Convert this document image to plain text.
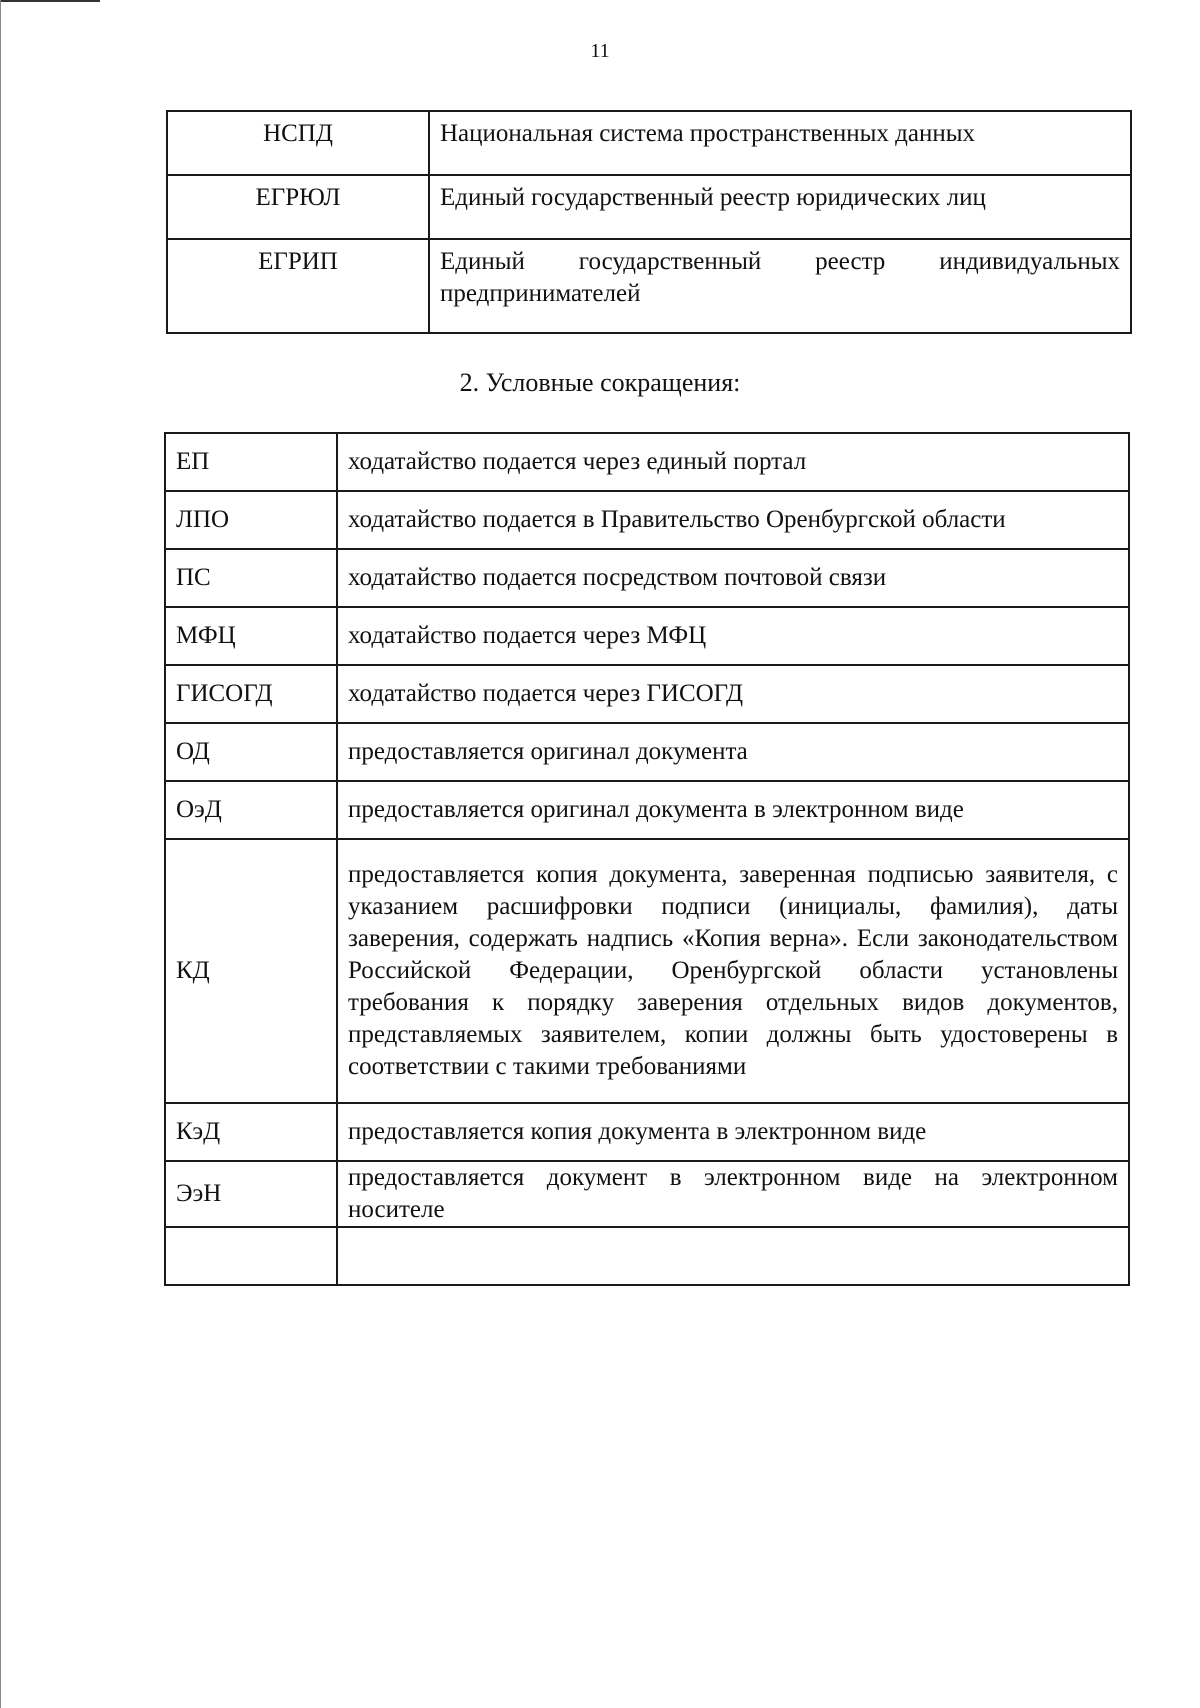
11
НСПД	Национальная система пространственных данных
ЕГРЮЛ	Единый государственный реестр юридических лиц
ЕГРИП	Единый государственный реестр индивидуальных предпринимателей
2. Условные сокращения:
ЕП	ходатайство подается через единый портал
ЛПО	ходатайство подается в Правительство Оренбургской области
ПС	ходатайство подается посредством почтовой связи
МФЦ	ходатайство подается через МФЦ
ГИСОГД	ходатайство подается через ГИСОГД
ОД	предоставляется оригинал документа
ОэД	предоставляется оригинал документа в электронном виде
КД	предоставляется копия документа, заверенная подписью заявителя, с указанием расшифровки подписи (инициалы, фамилия), даты заверения, содержать надпись «Копия верна». Если законодательством Российской Федерации, Оренбургской области установлены требования к порядку заверения отдельных видов документов, представляемых заявителем, копии должны быть удостоверены в соответствии с такими требованиями
КэД	предоставляется копия документа в электронном виде
ЭэН	предоставляется документ в электронном виде на электронном носителе
